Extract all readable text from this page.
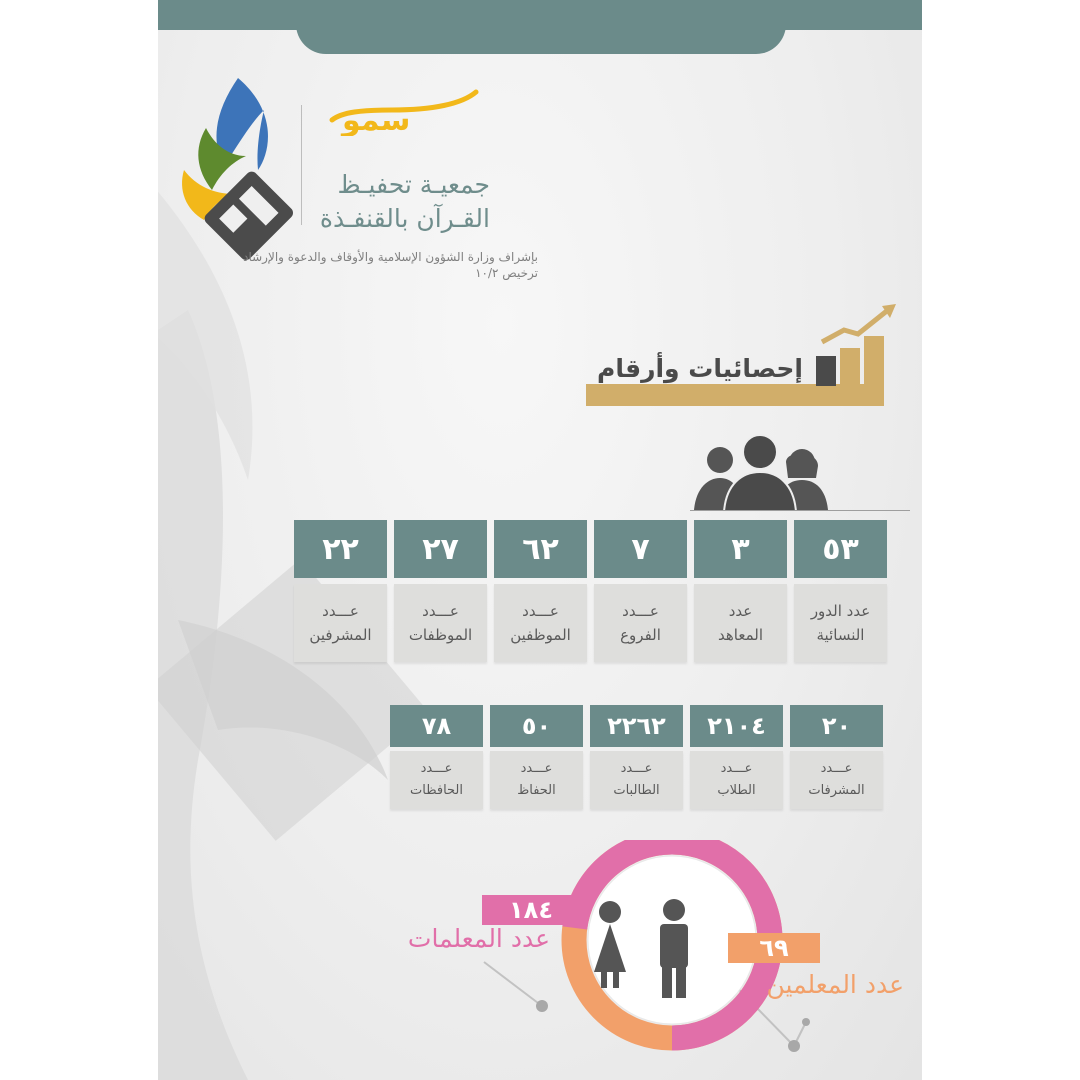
سمو
جمعيـة تحفيـظ
القـرآن بالقنفـذة
بإشراف وزارة الشؤون الإسلامية والأوقاف والدعوة والإرشاد
ترخيص ١٠/٢
إحصائيات وأرقام
٥٣
عدد الدور
النسائية
٣
عدد
المعاهد
٧
عـــدد
الفروع
٦٢
عـــدد
الموظفين
٢٧
عـــدد
الموظفات
٢٢
عـــدد
المشرفين
٢٠
عـــدد
المشرفات
٢١٠٤
عـــدد
الطلاب
٢٢٦٢
عـــدد
الطالبات
٥٠
عـــدد
الحفاظ
٧٨
عـــدد
الحافظات
١٨٤
عدد المعلمات	٦٩
عدد المعلمين
